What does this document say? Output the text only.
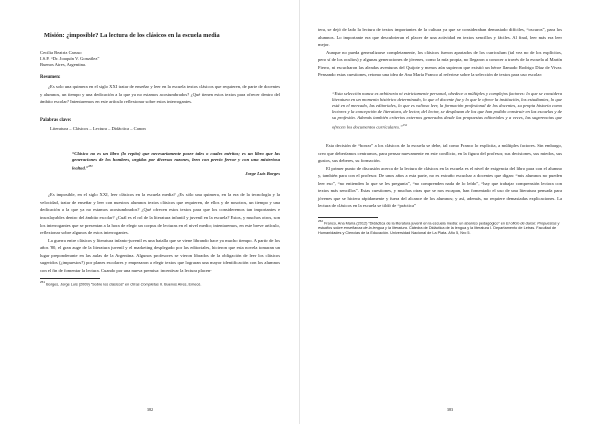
Misión: ¿imposible? La lectura de los clásicos en la escuela media

Cecilia Beatriz Caruso

I.S.P. “Dr. Joaquín V. González”

Buenos Aires, Argentina.

Resumen:

¿Es solo una quimera en el siglo XXI tratar de enseñar y leer en la escuela textos clásicos que requieren, de parte de docentes y alumnos, un tiempo y una dedicación a la que ya no estamos acostumbrados? ¿Qué tienen estos textos para ofrecer dentro del ámbito escolar? Intentaremos en este artículo reflexionar sobre estos interrogantes.

Palabras clave:

Literatura – Clásicos – Lectura – Didáctica – Canon

“Clásico no es un libro (lo repito) que necesariamente posee tales o cuales méritos; es un libro que las generaciones de los hombres, urgidas por diversas razones, leen con previo fervor y con una misteriosa lealtad.”$^{251}$

Jorge Luis Borges

¿Es imposible, en el siglo XXI, leer clásicos en la escuela media? ¿Es sólo una quimera, en la era de la tecnología y la velocidad, tratar de enseñar y leer con nuestros alumnos textos clásicos que requieren, de ellos y de nosotros, un tiempo y una dedicación a la que ya no estamos acostumbrados? ¿Qué ofrecen estos textos para que los consideremos tan importantes e insoslayables dentro del ámbito escolar? ¿Cuál es el rol de la literatura infantil y juvenil en la escuela? Estos, y muchos otros, son los interrogantes que se presentan a la hora de elegir un corpus de lecturas en el nivel medio; intentaremos, en este breve artículo, reflexionar sobre algunos de estos interrogantes.

La guerra entre clásicos y literatura infanto-juvenil es una batalla que se viene librando hace ya mucho tiempo. A partir de los años '80, el gran auge de la literatura juvenil y el marketing desplegado por las editoriales, hicieron que esta novela tomaran un lugar preponderante en las aulas de la Argentina. Algunos profesores se vieron librados de la obligación de leer los clásicos sugeridos (¿impuestos?) por planes escolares y empezaron a elegir textos que lograran una mayor identificación con los alumnos con el fin de fomentar la lectura. Cuando por una nueva premisa: incentivar la lectura placen-

$^{251}$ Borges, Jorge Luis (2009) “Sobre los clásicos” en Otras Completas II. Buenos Aires, Emecé.

382

tera, se dejó de lado la lectura de textos importantes de la cultura ya que se consideraban demasiado difíciles, “oscuros”, para los alumnos. Lo importante era que descubrieran el placer de una actividad en textos sencillos y fáciles. Al final, leer más era leer mejor.

Aunque no pueda generalizarse completamente, los clásicos fueron apartados de los curriculum (tal vez no de los explícitos, pero sí de los ocultos) y algunas generaciones de jóvenes, como la mía propia, no llegaron a conocer a través de la escuela al Martín Fierro, ni escucharon las aleadas aventuras del Quijote y menos aún supieron que existió un héroe llamado Rodrigo Díaz de Vivar. Pensando estas cuestiones, retomo una idea de Ana María Franco al referirse sobre la selección de textos para uso escolar:

“Esta selección nunca es arbitraria ni estrictamente personal, obedece a múltiples y complejos factores: lo que se considera literatura en un momento histórico determinado, lo que el docente fue y lo que le ofrece la institución, los estudiantes, lo que está en el mercado, las editoriales, lo que es valioso leer, la formación profesional de los docentes, su propia historia como lectores y la concepción de literatura, de lector, del lector, se desplazan de los que han podido construir en las escuelas y de su profesión. Además también criterios externos generados desde las propuestas editoriales y a veces, las sugerencias que ofrecen los documentos curriculares.”$^{252}$

Esta decisión de “borrar” a los clásicos de la escuela se debe, tal como Franco lo explicita, a múltiples factores. Sin embargo, creo que deberíamos centrarnos, para pensar nuevamente en este conflicto, en la figura del profesor, sus decisiones, sus miedos, sus gustos, sus deberes, su formación.

El primer punto de discusión acerca de la lectura de clásicos en la escuela es el nivel de exigencia del libro para con el alumno y, también para con el profesor. De unos años a esta parte, no es extraño escuchar a docentes que digan: “mis alumnos no pueden leer eso”, “no entienden lo que se les pregunta”, “no comprenden nada de lo leído”, “hay que trabajar comprensión lectora con textos más sencillos”. Estas cuestiones, y muchas otras que se nos escapan, han fomentado el uso de una literatura pensada para jóvenes que se hiciera rápidamente y fuera del alcance de los alumnos; y así, además, no requiere demasiadas explicaciones. La lectura de clásicos en la escuela se tildó de “práctica”

$^{252}$ Franco, Ana María (2012) “Didáctica de la literatura juvenil en la escuela media: un abanico pedagógico” en El oficio de darse: Propuestas y estudios sobre enseñanza de la lengua y la literatura. Cátedra de Didáctica de la lengua y la literatura I. Departamento de Letras. Facultad de Humanidades y Ciencias de la Educación. Universidad Nacional de La Plata. Año 5, Nro 5.

383
